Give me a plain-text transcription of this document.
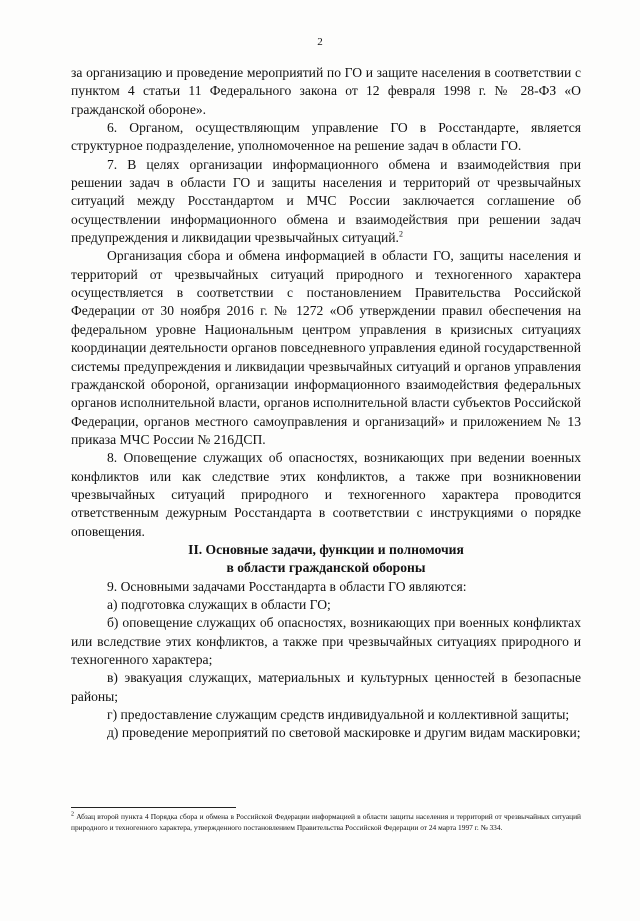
2

за организацию и проведение мероприятий по ГО и защите населения в соответствии с пунктом 4 статьи 11 Федерального закона от 12 февраля 1998 г. № 28-ФЗ «О гражданской обороне».

6. Органом, осуществляющим управление ГО в Росстандарте, является структурное подразделение, уполномоченное на решение задач в области ГО.

7. В целях организации информационного обмена и взаимодействия при решении задач в области ГО и защиты населения и территорий от чрезвычайных ситуаций между Росстандартом и МЧС России заключается соглашение об осуществлении информационного обмена и взаимодействия при решении задач предупреждения и ликвидации чрезвычайных ситуаций.$^2$

Организация сбора и обмена информацией в области ГО, защиты населения и территорий от чрезвычайных ситуаций природного и техногенного характера осуществляется в соответствии с постановлением Правительства Российской Федерации от 30 ноября 2016 г. № 1272 «Об утверждении правил обеспечения на федеральном уровне Национальным центром управления в кризисных ситуациях координации деятельности органов повседневного управления единой государственной системы предупреждения и ликвидации чрезвычайных ситуаций и органов управления гражданской обороной, организации информационного взаимодействия федеральных органов исполнительной власти, органов исполнительной власти субъектов Российской Федерации, органов местного самоуправления и организаций» и приложением № 13 приказа МЧС России № 216ДСП.

8. Оповещение служащих об опасностях, возникающих при ведении военных конфликтов или как следствие этих конфликтов, а также при возникновении чрезвычайных ситуаций природного и техногенного характера проводится ответственным дежурным Росстандарта в соответствии с инструкциями о порядке оповещения.

II. Основные задачи, функции и полномочия
в области гражданской обороны

9. Основными задачами Росстандарта в области ГО являются:

а) подготовка служащих в области ГО;

б) оповещение служащих об опасностях, возникающих при военных конфликтах или вследствие этих конфликтов, а также при чрезвычайных ситуациях природного и техногенного характера;

в) эвакуация служащих, материальных и культурных ценностей в безопасные районы;

г) предоставление служащим средств индивидуальной и коллективной защиты;

д) проведение мероприятий по световой маскировке и другим видам маскировки;

$^2$ Абзац второй пункта 4 Порядка сбора и обмена в Российской Федерации информацией в области защиты населения и территорий от чрезвычайных ситуаций природного и техногенного характера, утвержденного постановлением Правительства Российской Федерации от 24 марта 1997 г. № 334.
